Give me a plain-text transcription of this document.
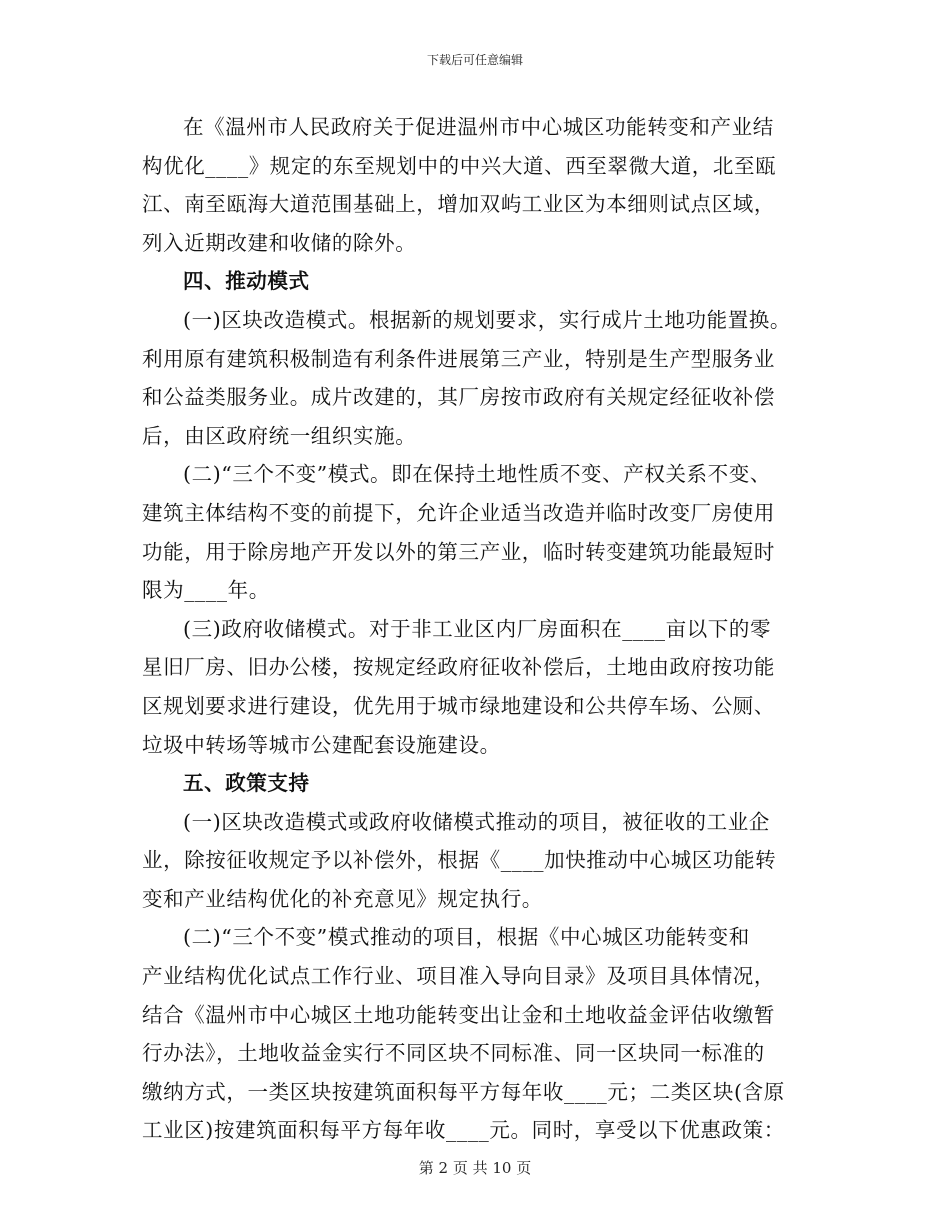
下载后可任意编辑

在《温州市人民政府关于促进温州市中心城区功能转变和产业结
构优化____》规定的东至规划中的中兴大道、西至翠微大道，北至瓯
江、南至瓯海大道范围基础上，增加双屿工业区为本细则试点区域，
列入近期改建和收储的除外。

四、推动模式

(一)区块改造模式。根据新的规划要求，实行成片土地功能置换。
利用原有建筑积极制造有利条件进展第三产业，特别是生产型服务业
和公益类服务业。成片改建的，其厂房按市政府有关规定经征收补偿
后，由区政府统一组织实施。

(二)“三个不变”模式。即在保持土地性质不变、产权关系不变、
建筑主体结构不变的前提下，允许企业适当改造并临时改变厂房使用
功能，用于除房地产开发以外的第三产业，临时转变建筑功能最短时
限为____年。

(三)政府收储模式。对于非工业区内厂房面积在____亩以下的零
星旧厂房、旧办公楼，按规定经政府征收补偿后，土地由政府按功能
区规划要求进行建设，优先用于城市绿地建设和公共停车场、公厕、
垃圾中转场等城市公建配套设施建设。

五、政策支持

(一)区块改造模式或政府收储模式推动的项目，被征收的工业企
业，除按征收规定予以补偿外，根据《____加快推动中心城区功能转
变和产业结构优化的补充意见》规定执行。

(二)“三个不变”模式推动的项目，根据《中心城区功能转变和
产业结构优化试点工作行业、项目准入导向目录》及项目具体情况，
结合《温州市中心城区土地功能转变出让金和土地收益金评估收缴暂
行办法》，土地收益金实行不同区块不同标准、同一区块同一标准的
缴纳方式，一类区块按建筑面积每平方每年收____元；二类区块(含原
工业区)按建筑面积每平方每年收____元。同时，享受以下优惠政策：

第 2 页 共 10 页
